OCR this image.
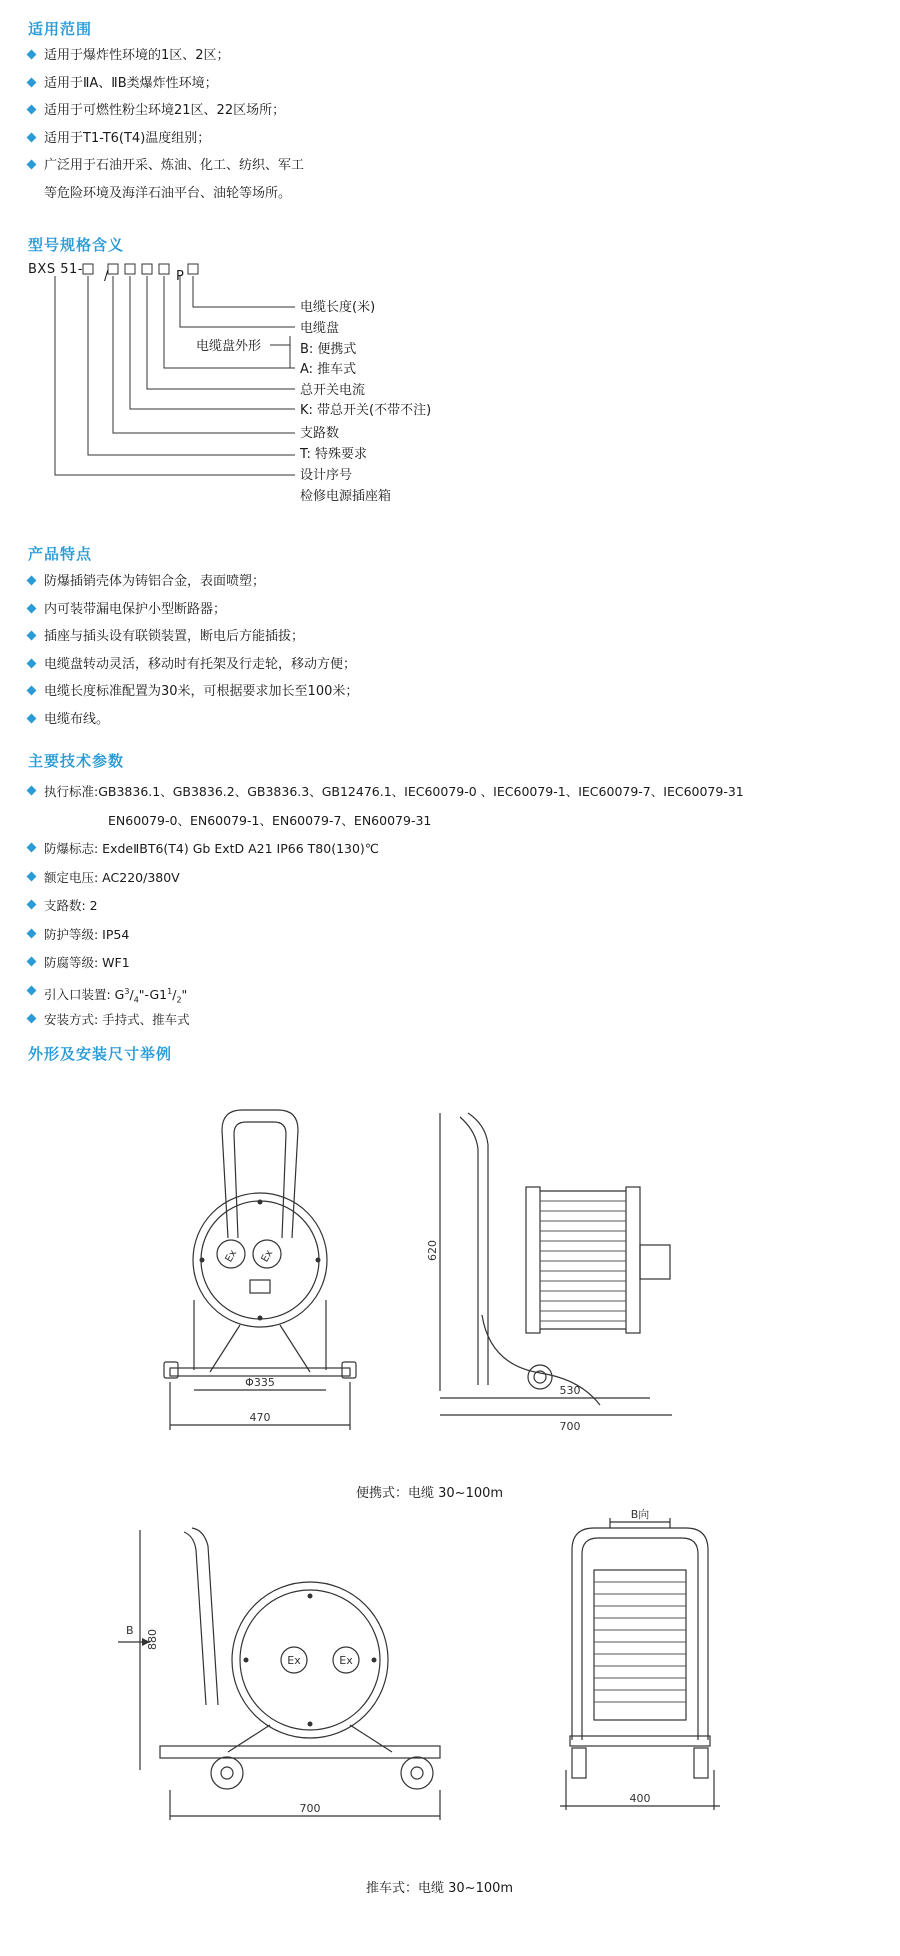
适用范围
适用于爆炸性环境的1区、2区；
适用于ⅡA、ⅡB类爆炸性环境；
适用于可燃性粉尘环境21区、22区场所；
适用于T1-T6(T4)温度组别；
广泛用于石油开采、炼油、化工、纺织、军工
等危险环境及海洋石油平台、油轮等场所。
型号规格含义
BXS 51- /	P
电缆长度(米)
电缆盘
电缆盘外形	B: 便携式
A: 推车式
总开关电流
K: 带总开关(不带不注)
支路数
T: 特殊要求
设计序号
检修电源插座箱
产品特点
防爆插销壳体为铸铝合金，表面喷塑；
内可装带漏电保护小型断路器；
插座与插头设有联锁装置，断电后方能插拔；
电缆盘转动灵活，移动时有托架及行走轮，移动方便；
电缆长度标准配置为30米，可根据要求加长至100米；
电缆布线。
主要技术参数
执行标准:GB3836.1、GB3836.2、GB3836.3、GB12476.1、IEC60079-0 、IEC60079-1、IEC60079-7、IEC60079-31
EN60079-0、EN60079-1、EN60079-7、EN60079-31
防爆标志: ExdeⅡBT6(T4) Gb ExtD A21 IP66 T80(130)℃
额定电压: AC220/380V
支路数: 2
防护等级: IP54
防腐等级: WF1
引入口装置: $G^3/_4"-G1^1/_2$"
安装方式: 手持式、推车式
外形及安装尺寸举例
Ex Ex
Φ335
470
620
530
700
便携式：电缆 30~100m
Ex	Ex
B 880
700
B向
400
推车式：电缆 30~100m
